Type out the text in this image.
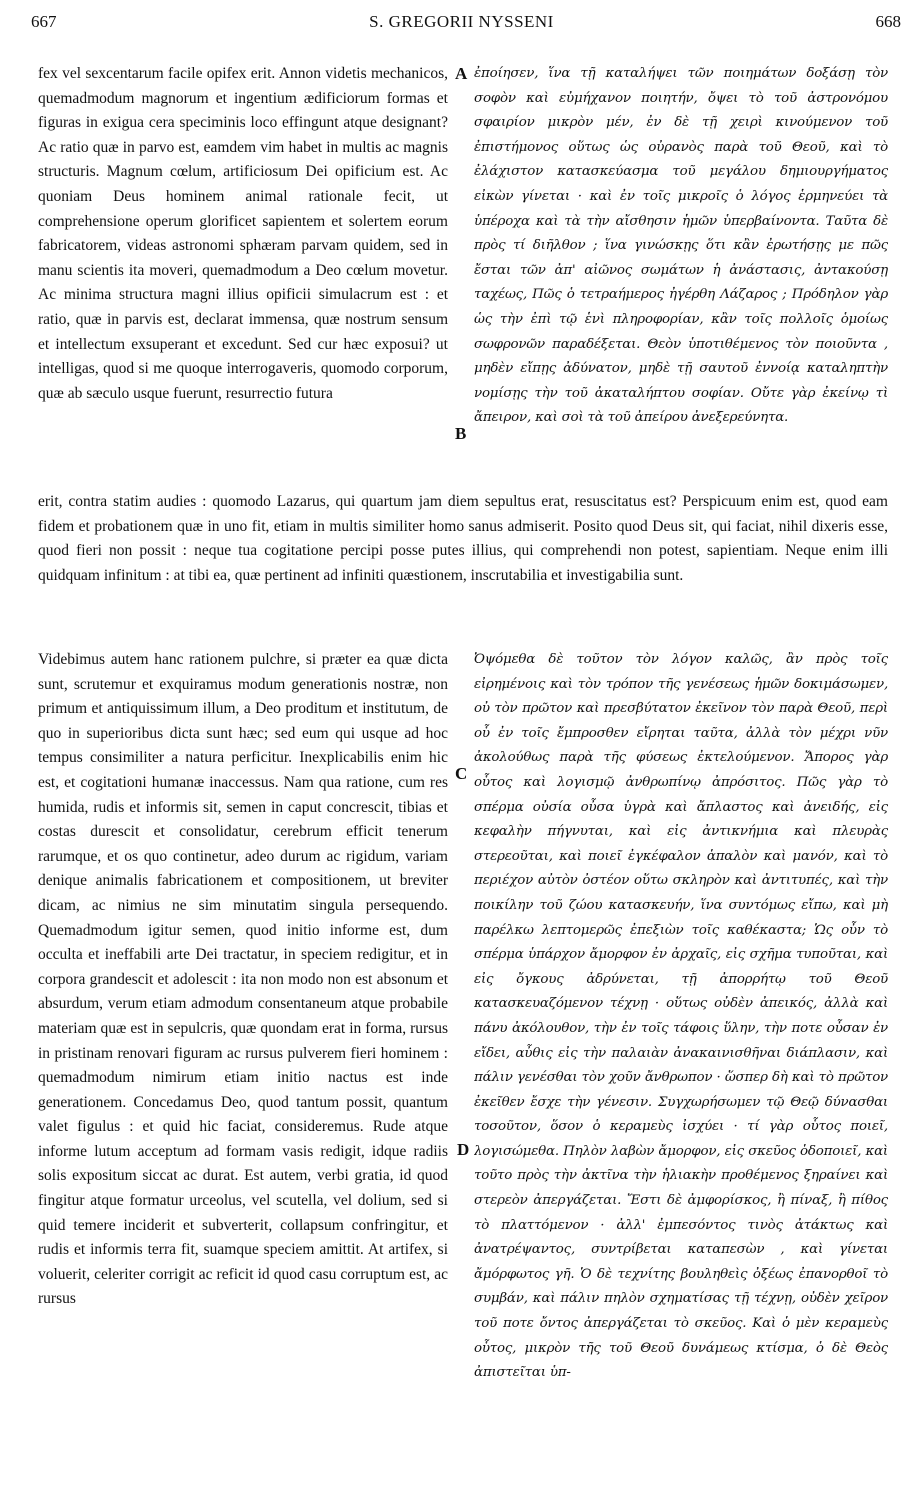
667	S. GREGORII NYSSENI	668
fex vel sexcentarum facile opifex erit. Annon videtis mechanicos, quemadmodum magnorum et ingentium ædificiorum formas et figuras in exigua cera speciminis loco effingunt atque designant? Ac ratio quæ in parvo est, eamdem vim habet in multis ac magnis structuris. Magnum cœlum, artificiosum Dei opificium est. Ac quoniam Deus hominem animal rationale fecit, ut comprehensione operum glorificet sapientem et solertem eorum fabricatorem, videas astronomi sphæram parvam quidem, sed in manu scientis ita moveri, quemadmodum a Deo cœlum movetur. Ac minima structura magni illius opificii simulacrum est : et ratio, quæ in parvis est, declarat immensa, quæ nostrum sensum et intellectum exsuperant et excedunt. Sed cur hæc exposui? ut intelligas, quod si me quoque interrogaveris, quomodo corporum, quæ ab sæculo usque fuerunt, resurrectio futura
ἐποίησεν, ἵνα τῇ καταλήψει τῶν ποιημάτων δοξάσῃ τὸν σοφὸν καὶ εὐμήχανον ποιητήν, ὄψει τὸ τοῦ ἀστρονόμου σφαιρίον μικρὸν μέν, ἐν δὲ τῇ χειρὶ κινούμενον τοῦ ἐπιστήμονος οὕτως ὡς οὐρανὸς παρὰ τοῦ Θεοῦ, καὶ τὸ ἐλάχιστον κατασκεύασμα τοῦ μεγάλου δημιουργήματος εἰκὼν γίνεται · καὶ ἐν τοῖς μικροῖς ὁ λόγος ἑρμηνεύει τὰ ὑπέροχα καὶ τὰ τὴν αἴσθησιν ἡμῶν ὑπερβαίνοντα. Ταῦτα δὲ πρὸς τί διῆλθον ; ἵνα γινώσκῃς ὅτι κἂν ἐρωτήσῃς με πῶς ἔσται τῶν ἀπ' αἰῶνος σωμάτων ἡ ἀνάστασις, ἀντακούσῃ ταχέως, Πῶς ὁ τετραήμερος ἠγέρθη Λάζαρος ; Πρόδηλον γὰρ ὡς τὴν ἐπὶ τῷ ἑνὶ πληροφορίαν, κἂν τοῖς πολλοῖς ὁμοίως σωφρονῶν παραδέξεται. Θεὸν ὑποτιθέμενος τὸν ποιοῦντα , μηδὲν εἴπῃς ἀδύνατον, μηδὲ τῇ σαυτοῦ ἐννοίᾳ καταληπτὴν νομίσῃς τὴν τοῦ ἀκαταλήπτου σοφίαν. Οὔτε γὰρ ἐκείνῳ τὶ ἄπειρον, καὶ σοὶ τὰ τοῦ ἀπείρου ἀνεξερεύνητα.
A
B
erit, contra statim audies : quomodo Lazarus, qui quartum jam diem sepultus erat, resuscitatus est? Perspicuum enim est, quod eam fidem et probationem quæ in uno fit, etiam in multis similiter homo sanus admiserit. Posito quod Deus sit, qui faciat, nihil dixeris esse, quod fieri non possit : neque tua cogitatione percipi posse putes illius, qui comprehendi non potest, sapientiam. Neque enim illi quidquam infinitum : at tibi ea, quæ pertinent ad infiniti quæstionem, inscrutabilia et investigabilia sunt.
Videbimus autem hanc rationem pulchre, si præter ea quæ dicta sunt, scrutemur et exquiramus modum generationis nostræ, non primum et antiquissimum illum, a Deo proditum et institutum, de quo in superioribus dicta sunt hæc; sed eum qui usque ad hoc tempus consimiliter a natura perficitur. Inexplicabilis enim hic est, et cogitationi humanæ inaccessus. Nam qua ratione, cum res humida, rudis et informis sit, semen in caput concrescit, tibias et costas durescit et consolidatur, cerebrum efficit tenerum rarumque, et os quo continetur, adeo durum ac rigidum, variam denique animalis fabricationem et compositionem, ut breviter dicam, ac nimius ne sim minutatim singula persequendo. Quemadmodum igitur semen, quod initio informe est, dum occulta et ineffabili arte Dei tractatur, in speciem redigitur, et in corpora grandescit et adolescit : ita non modo non est absonum et absurdum, verum etiam admodum consentaneum atque probabile materiam quæ est in sepulcris, quæ quondam erat in forma, rursus in pristinam renovari figuram ac rursus pulverem fieri hominem : quemadmodum nimirum etiam initio nactus est inde generationem. Concedamus Deo, quod tantum possit, quantum valet figulus : et quid hic faciat, consideremus. Rude atque informe lutum acceptum ad formam vasis redigit, idque radiis solis expositum siccat ac durat. Est autem, verbi gratia, id quod fingitur atque formatur urceolus, vel scutella, vel dolium, sed si quid temere inciderit et subverterit, collapsum confringitur, et rudis et informis terra fit, suamque speciem amittit. At artifex, si voluerit, celeriter corrigit ac reficit id quod casu corruptum est, ac rursus
Ὀψόμεθα δὲ τοῦτον τὸν λόγον καλῶς, ἂν πρὸς τοῖς εἰρημένοις καὶ τὸν τρόπον τῆς γενέσεως ἡμῶν δοκιμάσωμεν, οὐ τὸν πρῶτον καὶ πρεσβύτατον ἐκεῖνον τὸν παρὰ Θεοῦ, περὶ οὗ ἐν τοῖς ἔμπροσθεν εἴρηται ταῦτα, ἀλλὰ τὸν μέχρι νῦν ἀκολούθως παρὰ τῆς φύσεως ἐκτελούμενον. Ἄπορος γὰρ οὗτος καὶ λογισμῷ ἀνθρωπίνῳ ἀπρόσιτος. Πῶς γὰρ τὸ σπέρμα οὐσία οὖσα ὑγρὰ καὶ ἄπλαστος καὶ ἀνειδής, εἰς κεφαλὴν πήγνυται, καὶ εἰς ἀντικνήμια καὶ πλευρὰς στερεοῦται, καὶ ποιεῖ ἐγκέφαλον ἁπαλὸν καὶ μανόν, καὶ τὸ περιέχον αὐτὸν ὀστέον οὕτω σκληρὸν καὶ ἀντιτυπές, καὶ τὴν ποικίλην τοῦ ζώου κατασκευήν, ἵνα συντόμως εἴπω, καὶ μὴ παρέλκω λεπτομερῶς ἐπεξιὼν τοῖς καθέκαστα; Ὡς οὖν τὸ σπέρμα ὑπάρχον ἄμορφον ἐν ἀρχαῖς, εἰς σχῆμα τυποῦται, καὶ εἰς ὄγκους ἀδρύνεται, τῇ ἀπορρήτῳ τοῦ Θεοῦ κατασκευαζόμενον τέχνῃ · οὕτως οὐδὲν ἀπεικός, ἀλλὰ καὶ πάνυ ἀκόλουθον, τὴν ἐν τοῖς τάφοις ὕλην, τὴν ποτε οὖσαν ἐν εἴδει, αὖθις εἰς τὴν παλαιὰν ἀνακαινισθῆναι διάπλασιν, καὶ πάλιν γενέσθαι τὸν χοῦν ἄνθρωπον · ὥσπερ δὴ καὶ τὸ πρῶτον ἐκεῖθεν ἔσχε τὴν γένεσιν. Συγχωρήσωμεν τῷ Θεῷ δύνασθαι τοσοῦτον, ὅσον ὁ κεραμεὺς ἰσχύει · τί γὰρ οὗτος ποιεῖ, λογισώμεθα. Πηλὸν λαβὼν ἄμορφον, εἰς σκεῦος ὁδοποιεῖ, καὶ τοῦτο πρὸς τὴν ἀκτῖνα τὴν ἡλιακὴν προθέμενος ξηραίνει καὶ στερεὸν ἀπεργάζεται. Ἔστι δὲ ἀμφορίσκος, ἢ πίναξ, ἢ πίθος τὸ πλαττόμενον · ἀλλ' ἐμπεσόντος τινὸς ἀτάκτως καὶ ἀνατρέψαντος, συντρίβεται καταπεσὼν , καὶ γίνεται ἄμόρφωτος γῆ. Ὁ δὲ τεχνίτης βουληθεὶς ὀξέως ἐπανορθοῖ τὸ συμβάν, καὶ πάλιν πηλὸν σχηματίσας τῇ τέχνῃ, οὐδὲν χεῖρον τοῦ ποτε ὄντος ἀπεργάζεται τὸ σκεῦος. Καὶ ὁ μὲν κεραμεὺς οὗτος, μικρὸν τῆς τοῦ Θεοῦ δυνάμεως κτίσμα, ὁ δὲ Θεὸς ἀπιστεῖται ὑπ-
C
D
